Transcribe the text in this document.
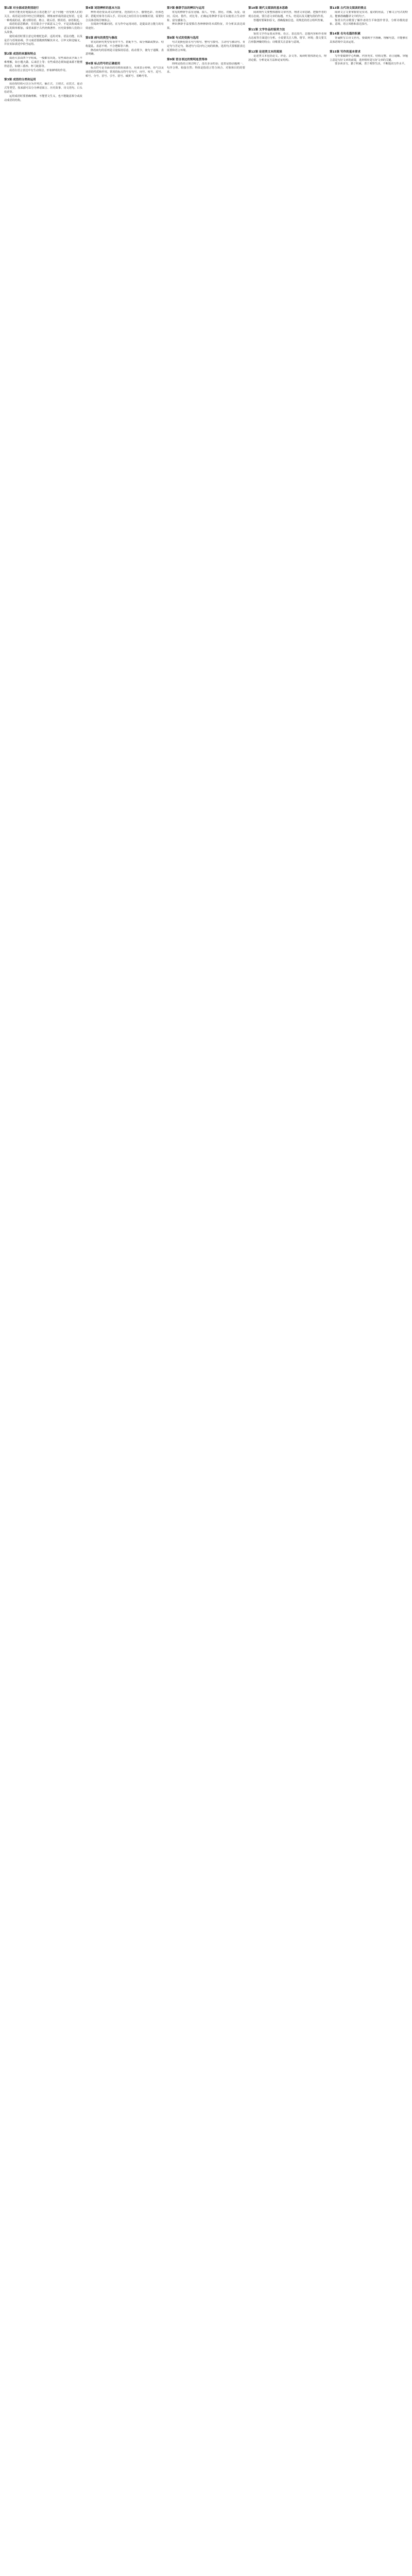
第1课 对全部成语类别进行

如何才能更好地提高语言表达能力？这个问题一直受到人们的关注。成语是汉语中经过长期使用、锤炼而形成的固定短语，它是一种现成的话，跟习惯用语、格言、歇后语、惯用语、谚语相近。

成语的意思精辟，往往隐含于字面意义之中，不是其构成成分意义的简单相加。成语来源于古代经典著作、历史故事和人们的口头故事。

使用成语时要注意它的褒贬色彩、适用对象、语法功能，以及是否与语境协调。学习成语要做到理解其本义、引申义和比喻义，并在实际表达中恰当运用。

第2课 成语的来源和特点

成语大多由四个字组成，一般都有出处。有些成语从字面上不难理解，如小题大做、后来居上等；有些成语必须知道来源才能懂得意思，如朝三暮四、杯弓蛇影等。

成语在语言表达中有生动简洁、形象鲜明的作用。

第3课 成语的分类和运用

成语按结构可以分为并列式、偏正式、主谓式、动宾式、连动式等类型。按来源可以分为神话寓言、历史故事、诗文语句、口头俗语等。

运用成语时要准确理解，不能望文生义，也不能随意拆分或改动成语的结构。

第4课 词语辨析的基本方法

辨析词语要从词义的轻重、范围的大小、感情色彩、语体色彩、搭配对象等方面入手。同义词之间往往存在细微差别，需要结合具体语境仔细体会。

在阅读中积累词语，在写作中运用词语，是提高语言能力的有效途径。

第5课 病句的类型与修改

常见的病句类型有语序不当、搭配不当、成分残缺或赘余、结构混乱、表意不明、不合逻辑等六种。

修改病句的原则是尽量保持原意，改动要少，使句子通顺、表意明确。

第6课 标点符号的正确使用

标点符号是书面语的有机组成部分，用来表示停顿、语气以及词语的性质和作用。常用的标点符号有句号、问号、叹号、逗号、顿号、分号、冒号、引号、括号、破折号、省略号等。

第7课 修辞手法的辨识与运用

常见的修辞手法有比喻、拟人、夸张、排比、对偶、反复、设问、反问、借代、对比等。正确运用修辞手法可以使语言生动形象、富有感染力。

辨识修辞手法要抓住各种修辞的本质特征，并分析其表达效果。

第8课 句式的变换与选用

句式变换包括长句与短句、整句与散句、主动句与被动句、肯定句与否定句、陈述句与反问句之间的转换。选用句式要根据表达需要和语言环境。

第9课 语言表达的简明连贯得体

简明是指语言简洁明了，没有多余的话；连贯是指话题统一、句序合理、衔接自然；得体是指语言符合场合、对象和目的的要求。

第10课 现代文阅读的基本思路

阅读现代文要整体感知文章内容，理清文章思路，把握作者的观点态度。要注意文章的标题、开头、结尾以及关键句段的作用。

答题时要紧扣原文，准确提取信息，用规范的语言组织答案。

第11课 文学作品的鉴赏方法

鉴赏文学作品要从形象、语言、表达技巧、思想内容和作者观点态度等方面进行分析。小说要关注人物、情节、环境；散文要关注形散神聚的特点；诗歌要关注意象与意境。

第12课 论述类文本的阅读

论述类文本包括论文、评论、杂文等。阅读时要找准论点，理清论据，分析论证方法和论证结构。

第13课 古代诗文阅读的要点

阅读文言文要掌握常见实词、虚词的用法，了解文言句式的特点，能够准确翻译文中的句子。

鉴赏古代诗歌要了解作者的生平和创作背景，分析诗歌的意象、意境、语言风格和表达技巧。

第14课 名句名篇的积累

背诵默写古诗文名句，要做到字字准确，理解句意，并能够在具体语境中灵活运用。

第15课 写作的基本要求

写作要做到中心明确、内容充实、结构完整、语言通顺。审题立意是写好文章的前提，选材组材是写好文章的关键。

要多读多写，勤于积累，善于观察生活，不断提高写作水平。
